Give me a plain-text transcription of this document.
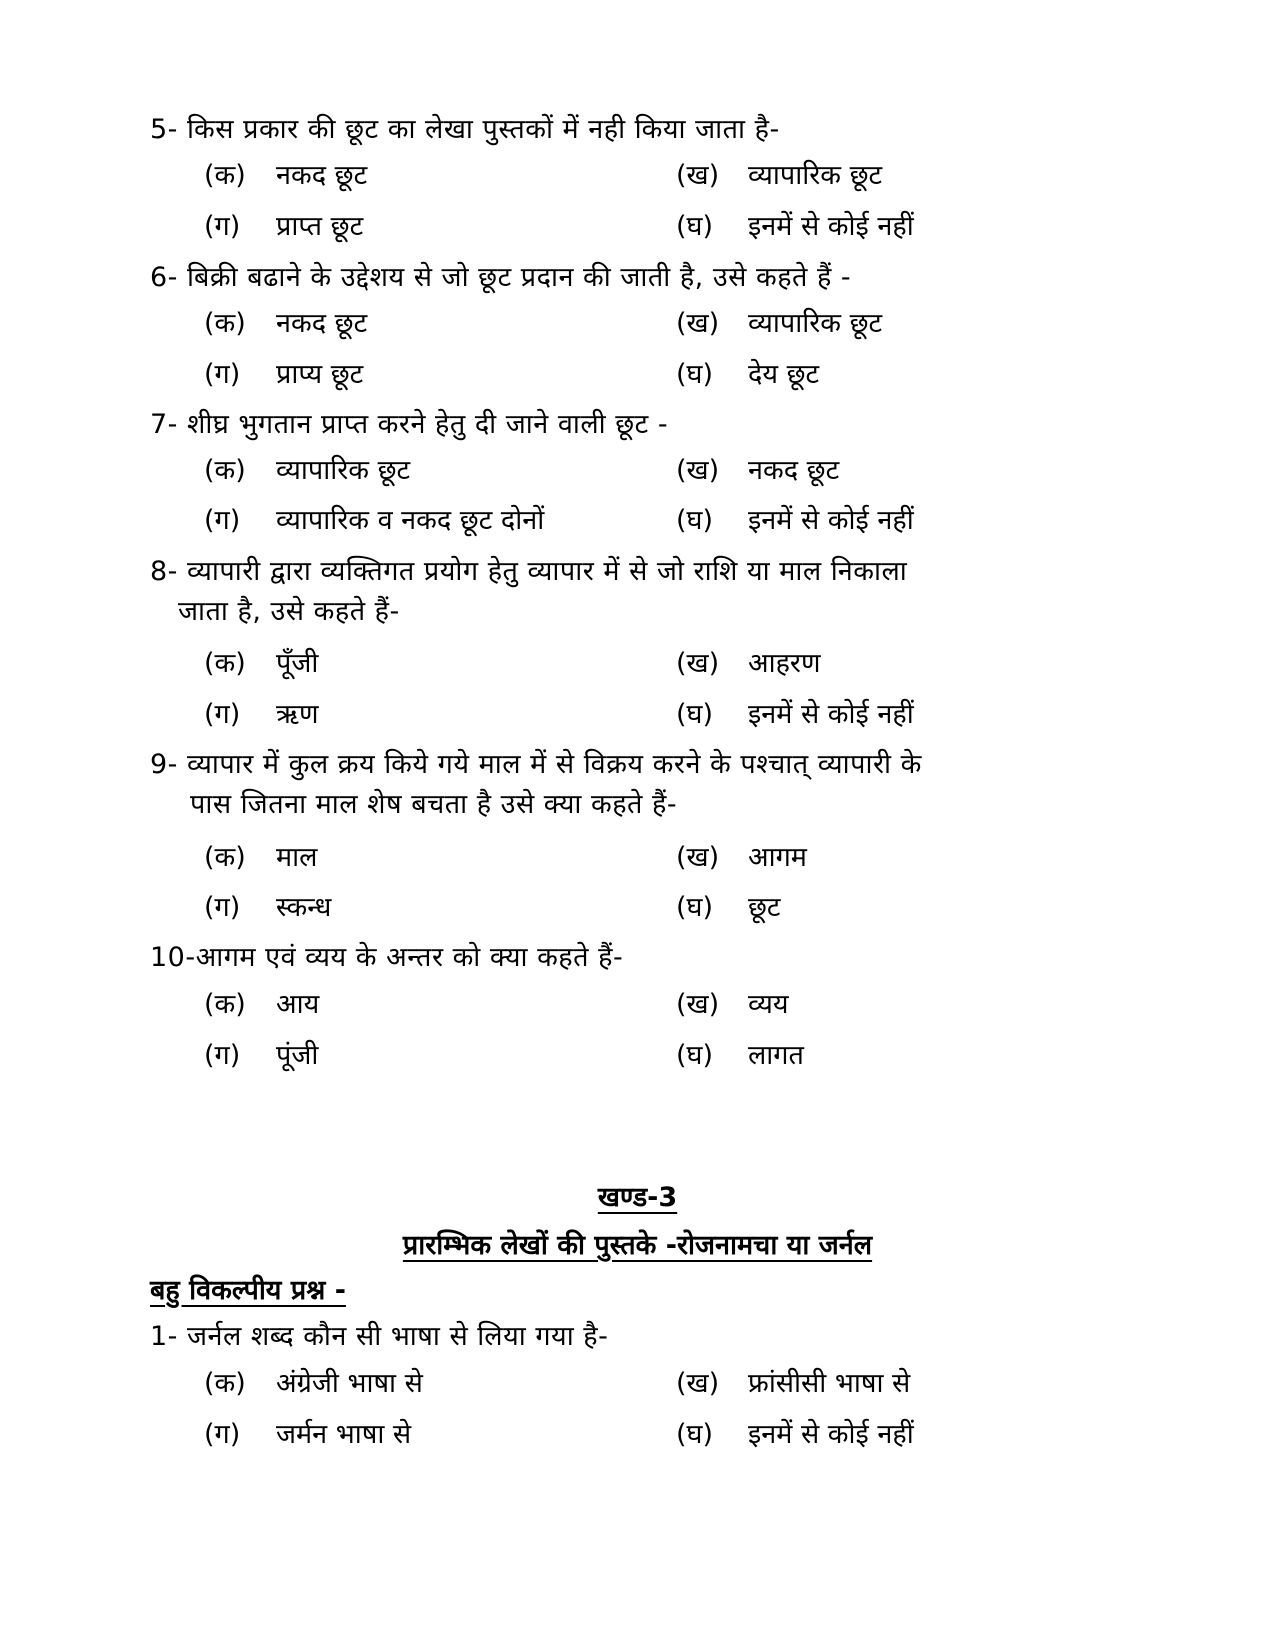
5- किस प्रकार की छूट का लेखा पुस्तकों में नही किया जाता है-
(क) नकद छूट	(ख) व्यापारिक छूट
(ग) प्राप्त छूट	(घ) इनमें से कोई नहीं
6- बिक्री बढाने के उद्देशय से जो छूट प्रदान की जाती है, उसे कहते हैं -
(क) नकद छूट	(ख) व्यापारिक छूट
(ग) प्राप्य छूट	(घ) देय छूट
7- शीघ्र भुगतान प्राप्त करने हेतु दी जाने वाली छूट -
(क) व्यापारिक छूट	(ख) नकद छूट
(ग) व्यापारिक व नकद छूट दोनों	(घ) इनमें से कोई नहीं
8- व्यापारी द्वारा व्यक्तिगत प्रयोग हेतु व्यापार में से जो राशि या माल निकाला
जाता है, उसे कहते हैं-
(क) पूँजी	(ख) आहरण
(ग) ऋण	(घ) इनमें से कोई नहीं
9- व्यापार में कुल क्रय किये गये माल में से विक्रय करने के पश्चात् व्यापारी के
पास जितना माल शेष बचता है उसे क्या कहते हैं-
(क) माल	(ख) आगम
(ग) स्कन्ध	(घ) छूट
10-आगम एवं व्यय के अन्तर को क्या कहते हैं-
(क) आय	(ख) व्यय
(ग) पूंजी	(घ) लागत
खण्ड-3
प्रारम्भिक लेखों की पुस्तके -रोजनामचा या जर्नल
बहु विकल्पीय प्रश्न -
1- जर्नल शब्द कौन सी भाषा से लिया गया है-
(क) अंग्रेजी भाषा से	(ख) फ्रांसीसी भाषा से
(ग) जर्मन भाषा से	(घ) इनमें से कोई नहीं
